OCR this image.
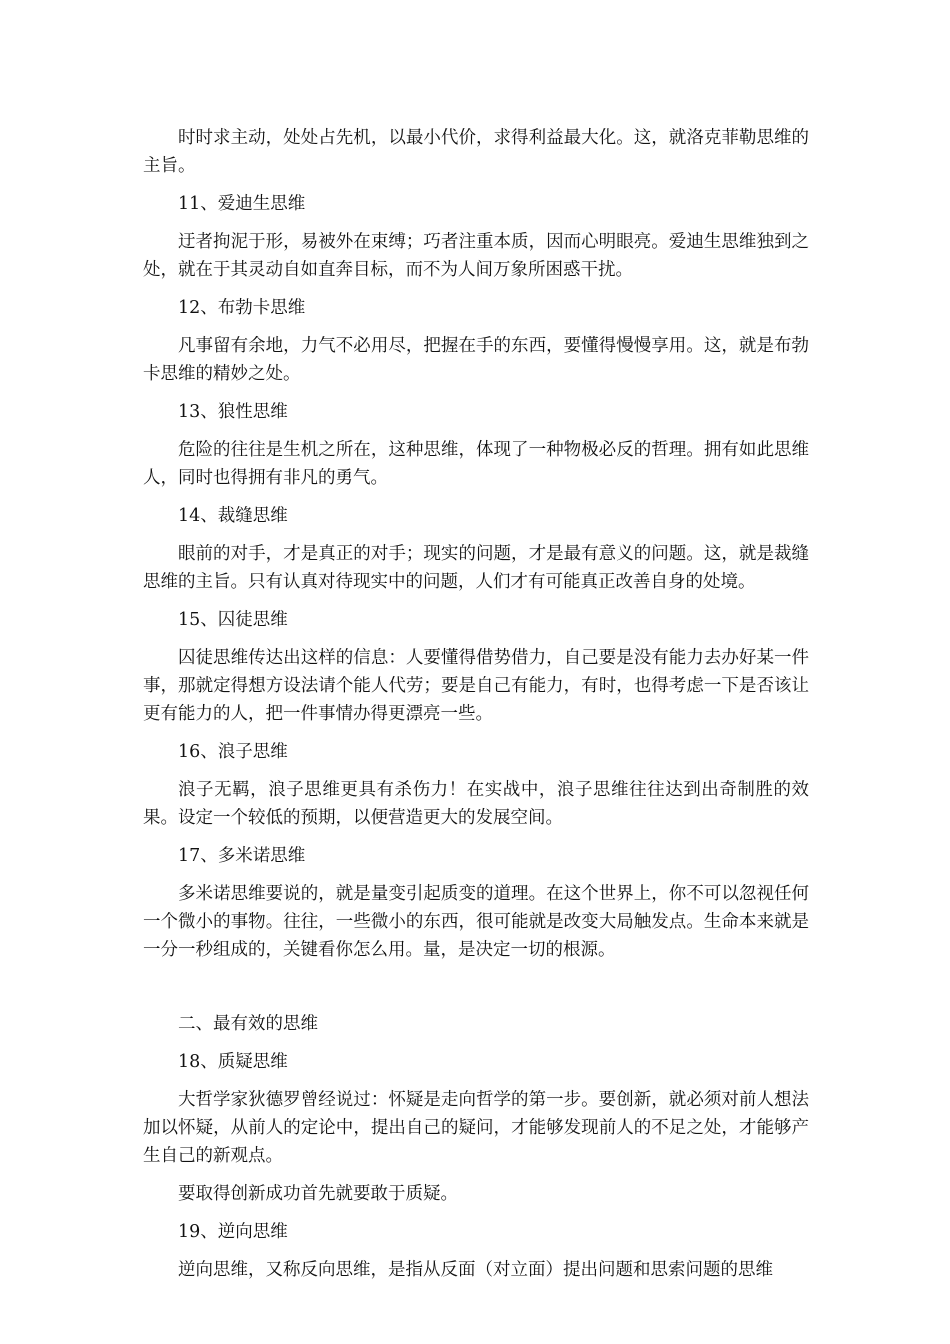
时时求主动，处处占先机，以最小代价，求得利益最大化。这，就洛克菲勒思维的主旨。
11、爱迪生思维
迂者拘泥于形，易被外在束缚；巧者注重本质，因而心明眼亮。爱迪生思维独到之处，就在于其灵动自如直奔目标，而不为人间万象所困惑干扰。
12、布勃卡思维
凡事留有余地，力气不必用尽，把握在手的东西，要懂得慢慢享用。这，就是布勃卡思维的精妙之处。
13、狼性思维
危险的往往是生机之所在，这种思维，体现了一种物极必反的哲理。拥有如此思维人，同时也得拥有非凡的勇气。
14、裁缝思维
眼前的对手，才是真正的对手；现实的问题，才是最有意义的问题。这，就是裁缝思维的主旨。只有认真对待现实中的问题，人们才有可能真正改善自身的处境。
15、囚徒思维
囚徒思维传达出这样的信息：人要懂得借势借力，自己要是没有能力去办好某一件事，那就定得想方设法请个能人代劳；要是自己有能力，有时，也得考虑一下是否该让更有能力的人，把一件事情办得更漂亮一些。
16、浪子思维
浪子无羁，浪子思维更具有杀伤力！在实战中，浪子思维往往达到出奇制胜的效果。设定一个较低的预期，以便营造更大的发展空间。
17、多米诺思维
多米诺思维要说的，就是量变引起质变的道理。在这个世界上，你不可以忽视任何一个微小的事物。往往，一些微小的东西，很可能就是改变大局触发点。生命本来就是一分一秒组成的，关键看你怎么用。量，是决定一切的根源。
二、最有效的思维
18、质疑思维
大哲学家狄德罗曾经说过：怀疑是走向哲学的第一步。要创新，就必须对前人想法加以怀疑，从前人的定论中，提出自己的疑问，才能够发现前人的不足之处，才能够产生自己的新观点。
要取得创新成功首先就要敢于质疑。
19、逆向思维
逆向思维，又称反向思维，是指从反面（对立面）提出问题和思索问题的思维
